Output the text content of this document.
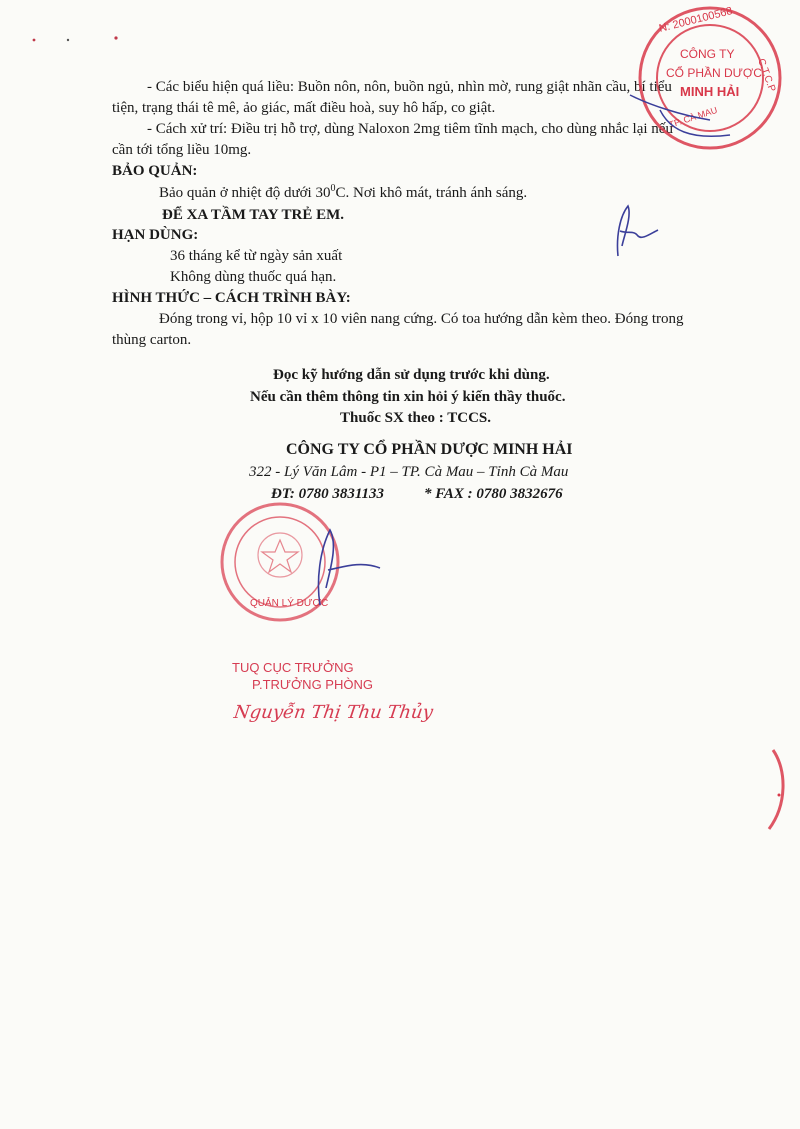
- Các biểu hiện quá liều: Buồn nôn, nôn, buồn ngủ, nhìn mờ, rung giật nhãn cầu, bí tiểu
tiện, trạng thái tê mê, ảo giác, mất điều hoà, suy hô hấp, co giật.
- Cách xử trí: Điều trị hỗ trợ, dùng Naloxon 2mg tiêm tĩnh mạch, cho dùng nhắc lại nếu
cần tới tổng liều 10mg.
BẢO QUẢN:
Bảo quản ở nhiệt độ dưới $30^0C$. Nơi khô mát, tránh ánh sáng.
ĐỂ XA TẦM TAY TRẺ EM.
HẠN DÙNG:
36 tháng kể từ ngày sản xuất
Không dùng thuốc quá hạn.
HÌNH THỨC – CÁCH TRÌNH BÀY:
Đóng trong vỉ, hộp 10 vỉ x 10 viên nang cứng. Có toa hướng dẫn kèm theo. Đóng trong
thùng carton.
Đọc kỹ hướng dẫn sử dụng trước khi dùng.
Nếu cần thêm thông tin xin hỏi ý kiến thầy thuốc.
Thuốc SX theo : TCCS.
CÔNG TY CỔ PHẦN DƯỢC MINH HẢI
322 - Lý Văn Lâm - P1 – TP. Cà Mau – Tỉnh Cà Mau
ĐT: 0780 3831133	* FAX : 0780 3832676
N: 2000100568
CÔNG TY
CỔ PHẦN DƯỢC
MINH HẢI C.T.C.P
TP. CÀ MAU
QUẢN LÝ DƯỢC
TUQ CỤC TRƯỞNG
P.TRƯỞNG PHÒNG
Nguyễn Thị Thu Thủy
